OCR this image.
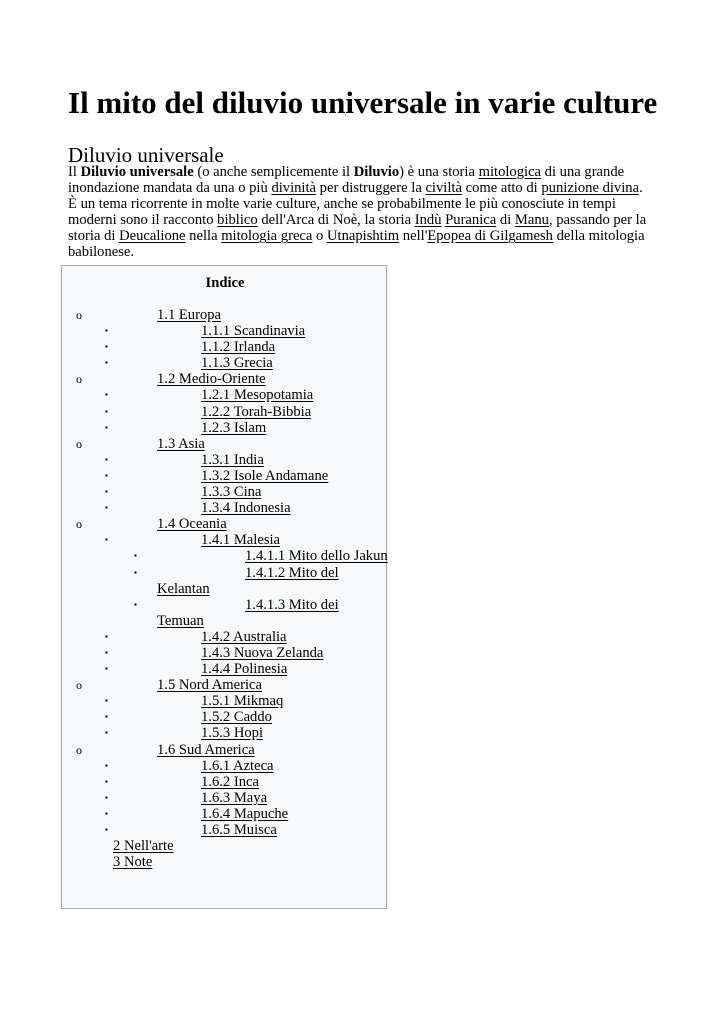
Il mito del diluvio universale in varie culture
Diluvio universale

Il Diluvio universale (o anche semplicemente il Diluvio) è una storia mitologica di una grande
inondazione mandata da una o più divinità per distruggere la civiltà come atto di punizione divina.
È un tema ricorrente in molte varie culture, anche se probabilmente le più conosciute in tempi
moderni sono il racconto biblico dell'Arca di Noè, la storia Indù Puranica di Manu, passando per la
storia di Deucalione nella mitologia greca o Utnapishtim nell'Epopea di Gilgamesh della mitologia
babilonese.

Indice
o	1.1 Europa
▪	1.1.1 Scandinavia
▪	1.1.2 Irlanda
▪	1.1.3 Grecia
o	1.2 Medio-Oriente
▪	1.2.1 Mesopotamia
▪	1.2.2 Torah-Bibbia
▪	1.2.3 Islam
o	1.3 Asia
▪	1.3.1 India
▪	1.3.2 Isole Andamane
▪	1.3.3 Cina
▪	1.3.4 Indonesia
o	1.4 Oceania
▪	1.4.1 Malesia
▪	1.4.1.1 Mito dello Jakun
▪	1.4.1.2 Mito del
Kelantan
▪	1.4.1.3 Mito dei
Temuan
▪	1.4.2 Australia
▪	1.4.3 Nuova Zelanda
▪	1.4.4 Polinesia
o	1.5 Nord America
▪	1.5.1 Mikmaq
▪	1.5.2 Caddo
▪	1.5.3 Hopi
o	1.6 Sud America
▪	1.6.1 Azteca
▪	1.6.2 Inca
▪	1.6.3 Maya
▪	1.6.4 Mapuche
▪	1.6.5 Muisca
2 Nell'arte
3 Note
